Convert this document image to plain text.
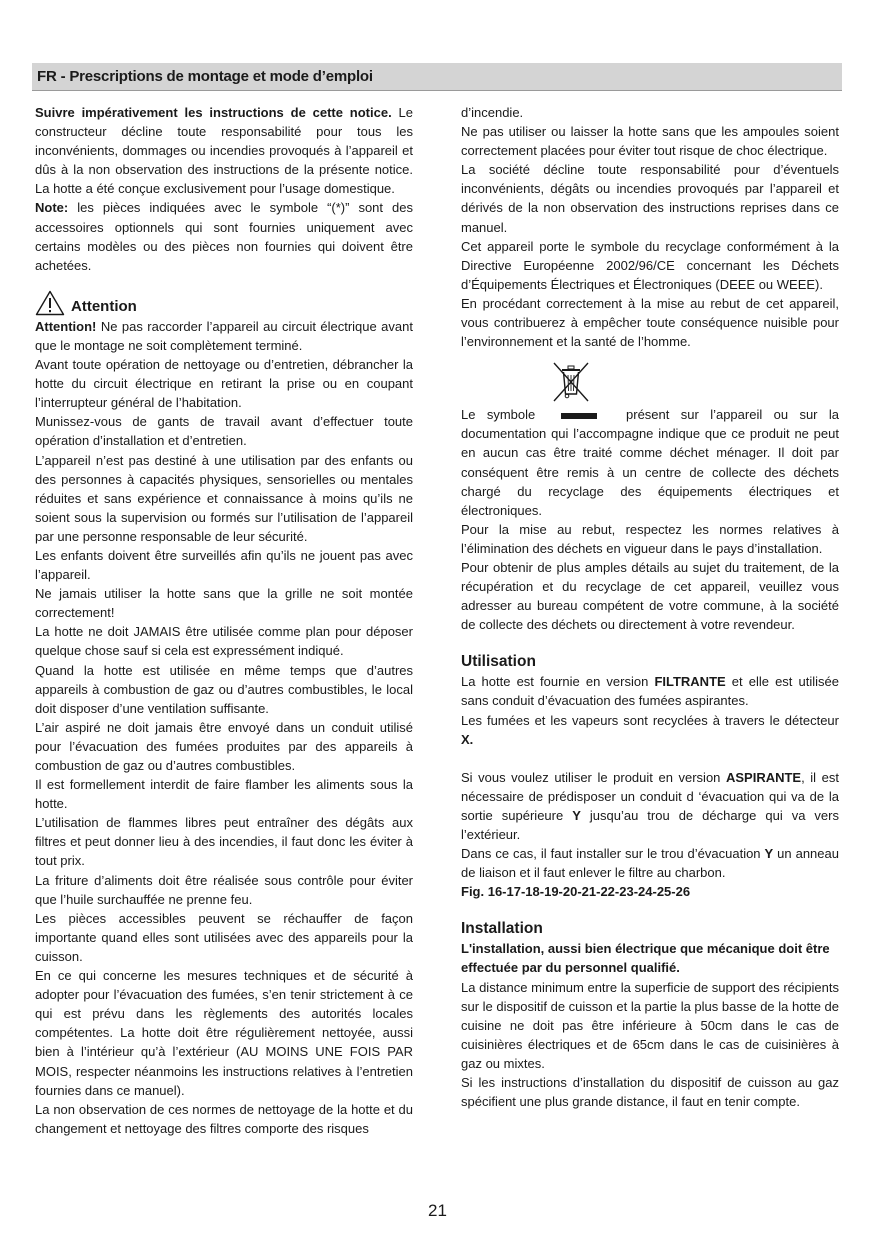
FR - Prescriptions de montage et mode d’emploi

Suivre impérativement les instructions de cette notice. Le constructeur décline toute responsabilité pour tous les inconvénients, dommages ou incendies provoqués à l’appareil et dûs à la non observation des instructions de la présente notice. La hotte a été conçue exclusivement pour l’usage domestique.

Note: les pièces indiquées avec le symbole “(*)” sont des accessoires optionnels qui sont fournies uniquement avec certains modèles ou des pièces non fournies qui doivent être achetées.

Attention

Attention! Ne pas raccorder l’appareil au circuit électrique avant que le montage ne soit complètement terminé.

Avant toute opération de nettoyage ou d’entretien, débrancher la hotte du circuit électrique en retirant la prise ou en coupant l’interrupteur général de l’habitation.

Munissez-vous de gants de travail avant d’effectuer toute opération d’installation et d’entretien.

L’appareil n’est pas destiné à une utilisation par des enfants ou des personnes à capacités physiques, sensorielles ou mentales réduites et sans expérience et connaissance à moins qu’ils ne soient sous la supervision ou formés sur l’utilisation de l’appareil par une personne responsable de leur sécurité.

Les enfants doivent être surveillés afin qu’ils ne jouent pas avec l’appareil.

Ne jamais utiliser la hotte sans que la grille ne soit montée correctement!

La hotte ne doit JAMAIS être utilisée comme plan pour déposer quelque chose sauf si cela est expressément indiqué.

Quand la hotte est utilisée en même temps que d’autres appareils à combustion de gaz ou d’autres combustibles, le local doit disposer d’une ventilation suffisante.

L’air aspiré ne doit jamais être envoyé dans un conduit utilisé pour l’évacuation des fumées produites par des appareils à combustion de gaz ou d’autres combustibles.

Il est formellement interdit de faire flamber les aliments sous la hotte.

L’utilisation de flammes libres peut entraîner des dégâts aux filtres et peut donner lieu à des incendies, il faut donc les éviter à tout prix.

La friture d’aliments doit être réalisée sous contrôle pour éviter que l’huile surchauffée ne prenne feu.

Les pièces accessibles peuvent se réchauffer de façon importante quand elles sont utilisées avec des appareils pour la cuisson.

En ce qui concerne les mesures techniques et de sécurité à adopter pour l’évacuation des fumées, s’en tenir strictement à ce qui est prévu dans les règlements des autorités locales compétentes. La hotte doit être régulièrement nettoyée, aussi bien à l’intérieur qu’à l’extérieur (AU MOINS UNE FOIS PAR MOIS, respecter néanmoins les instructions relatives à l’entretien fournies dans ce manuel).

La non observation de ces normes de nettoyage de la hotte et du changement et nettoyage des filtres comporte des risques

d’incendie.

Ne pas utiliser ou laisser la hotte sans que les ampoules soient correctement placées pour éviter tout risque de choc électrique.

La société décline toute responsabilité pour d’éventuels inconvénients, dégâts ou incendies provoqués par l’appareil et dérivés de la non observation des instructions reprises dans ce manuel.

Cet appareil porte le symbole du recyclage conformément à la Directive Européenne 2002/96/CE concernant les Déchets d’Équipements Électriques et Électroniques (DEEE ou WEEE).

En procédant correctement à la mise au rebut de cet appareil, vous contribuerez à empêcher toute conséquence nuisible pour l’environnement et la santé de l’homme.

Le symbole	présent sur l’appareil ou sur la documentation qui l’accompagne indique que ce produit ne peut en aucun cas être traité comme déchet ménager. Il doit par conséquent être remis à un centre de collecte des déchets chargé du recyclage des équipements électriques et électroniques.

Pour la mise au rebut, respectez les normes relatives à l’élimination des déchets en vigueur dans le pays d’installation.

Pour obtenir de plus amples détails au sujet du traitement, de la récupération et du recyclage de cet appareil, veuillez vous adresser au bureau compétent de votre commune, à la société de collecte des déchets ou directement à votre revendeur.

Utilisation

La hotte est fournie en version FILTRANTE et elle est utilisée sans conduit d’évacuation des fumées aspirantes.

Les fumées et les vapeurs sont recyclées à travers le détecteur X.

Si vous voulez utiliser le produit en version ASPIRANTE, il est nécessaire de prédisposer un conduit d ‘évacuation qui va de la sortie supérieure Y jusqu’au trou de décharge qui va vers l’extérieur.

Dans ce cas, il faut installer sur le trou d’évacuation Y un anneau de liaison et il faut enlever le filtre au charbon.

Fig. 16-17-18-19-20-21-22-23-24-25-26

Installation

L'installation, aussi bien électrique que mécanique doit être effectuée par du personnel qualifié.

La distance minimum entre la superficie de support des récipients sur le dispositif de cuisson et la partie la plus basse de la hotte de cuisine ne doit pas être inférieure à 50cm dans le cas de cuisinières électriques et de 65cm dans le cas de cuisinières à gaz ou mixtes.

Si les instructions d’installation du dispositif de cuisson au gaz spécifient une plus grande distance, il faut en tenir compte.

21
